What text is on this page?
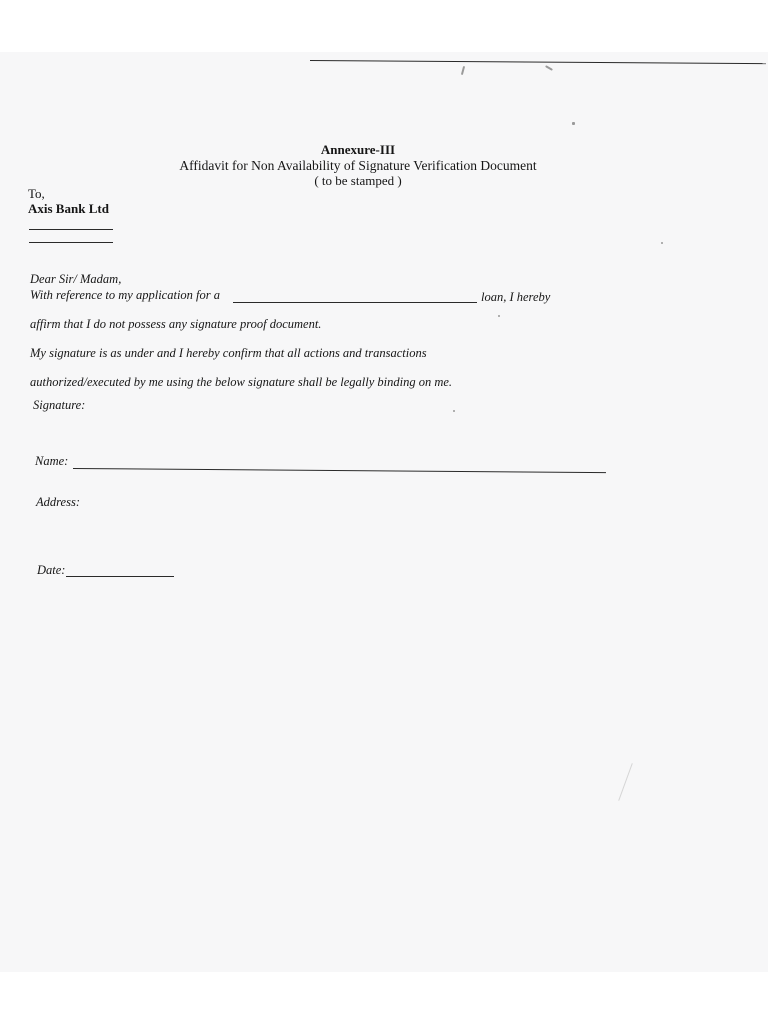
Annexure-III
Affidavit for Non Availability of Signature Verification Document
( to be stamped )
To,
Axis Bank Ltd
Dear Sir/ Madam,
With reference to my application for a	loan, I hereby
affirm that I do not possess any signature proof document.
My signature is as under and I hereby confirm that all actions and transactions
authorized/executed by me using the below signature shall be legally binding on me.
Signature:
Name:
Address:
Date:
